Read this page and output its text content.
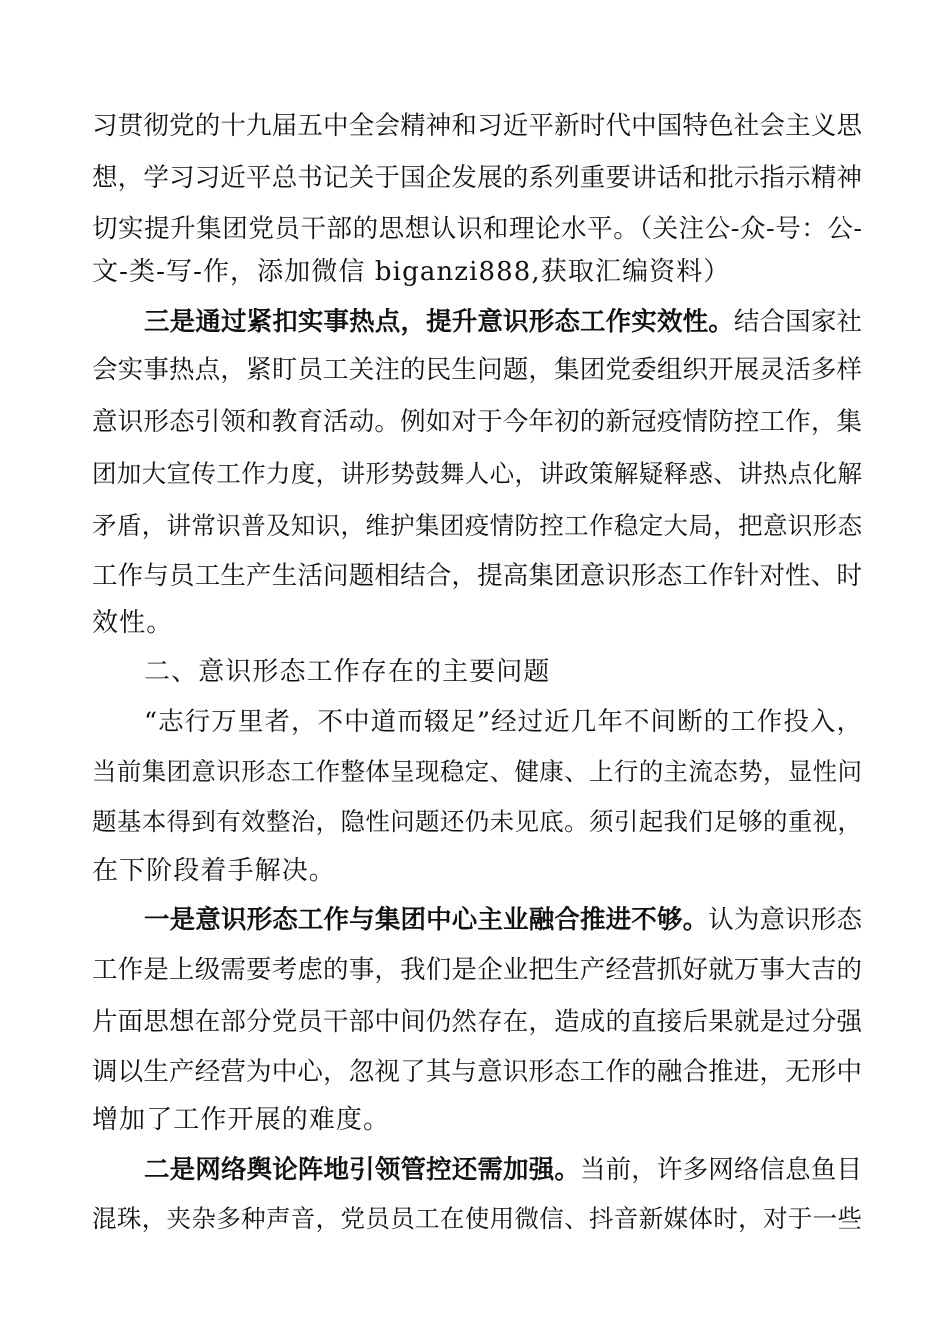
习贯彻党的十九届五中全会精神和习近平新时代中国特色社会主义思
想，学习习近平总书记关于国企发展的系列重要讲话和批示指示精神
切实提升集团党员干部的思想认识和理论水平。（关注公-众-号：公-
文-类-写-作，添加微信 biganzi888,获取汇编资料）
三是通过紧扣实事热点，提升意识形态工作实效性。结合国家社
会实事热点，紧盯员工关注的民生问题，集团党委组织开展灵活多样
意识形态引领和教育活动。例如对于今年初的新冠疫情防控工作，集
团加大宣传工作力度，讲形势鼓舞人心，讲政策解疑释惑、讲热点化解
矛盾，讲常识普及知识，维护集团疫情防控工作稳定大局，把意识形态
工作与员工生产生活问题相结合，提高集团意识形态工作针对性、时
效性。
二、意识形态工作存在的主要问题
“志行万里者，不中道而辍足”经过近几年不间断的工作投入，
当前集团意识形态工作整体呈现稳定、健康、上行的主流态势，显性问
题基本得到有效整治，隐性问题还仍未见底。须引起我们足够的重视，
在下阶段着手解决。
一是意识形态工作与集团中心主业融合推进不够。认为意识形态
工作是上级需要考虑的事，我们是企业把生产经营抓好就万事大吉的
片面思想在部分党员干部中间仍然存在，造成的直接后果就是过分强
调以生产经营为中心，忽视了其与意识形态工作的融合推进，无形中
增加了工作开展的难度。
二是网络舆论阵地引领管控还需加强。当前，许多网络信息鱼目
混珠，夹杂多种声音，党员员工在使用微信、抖音新媒体时，对于一些
